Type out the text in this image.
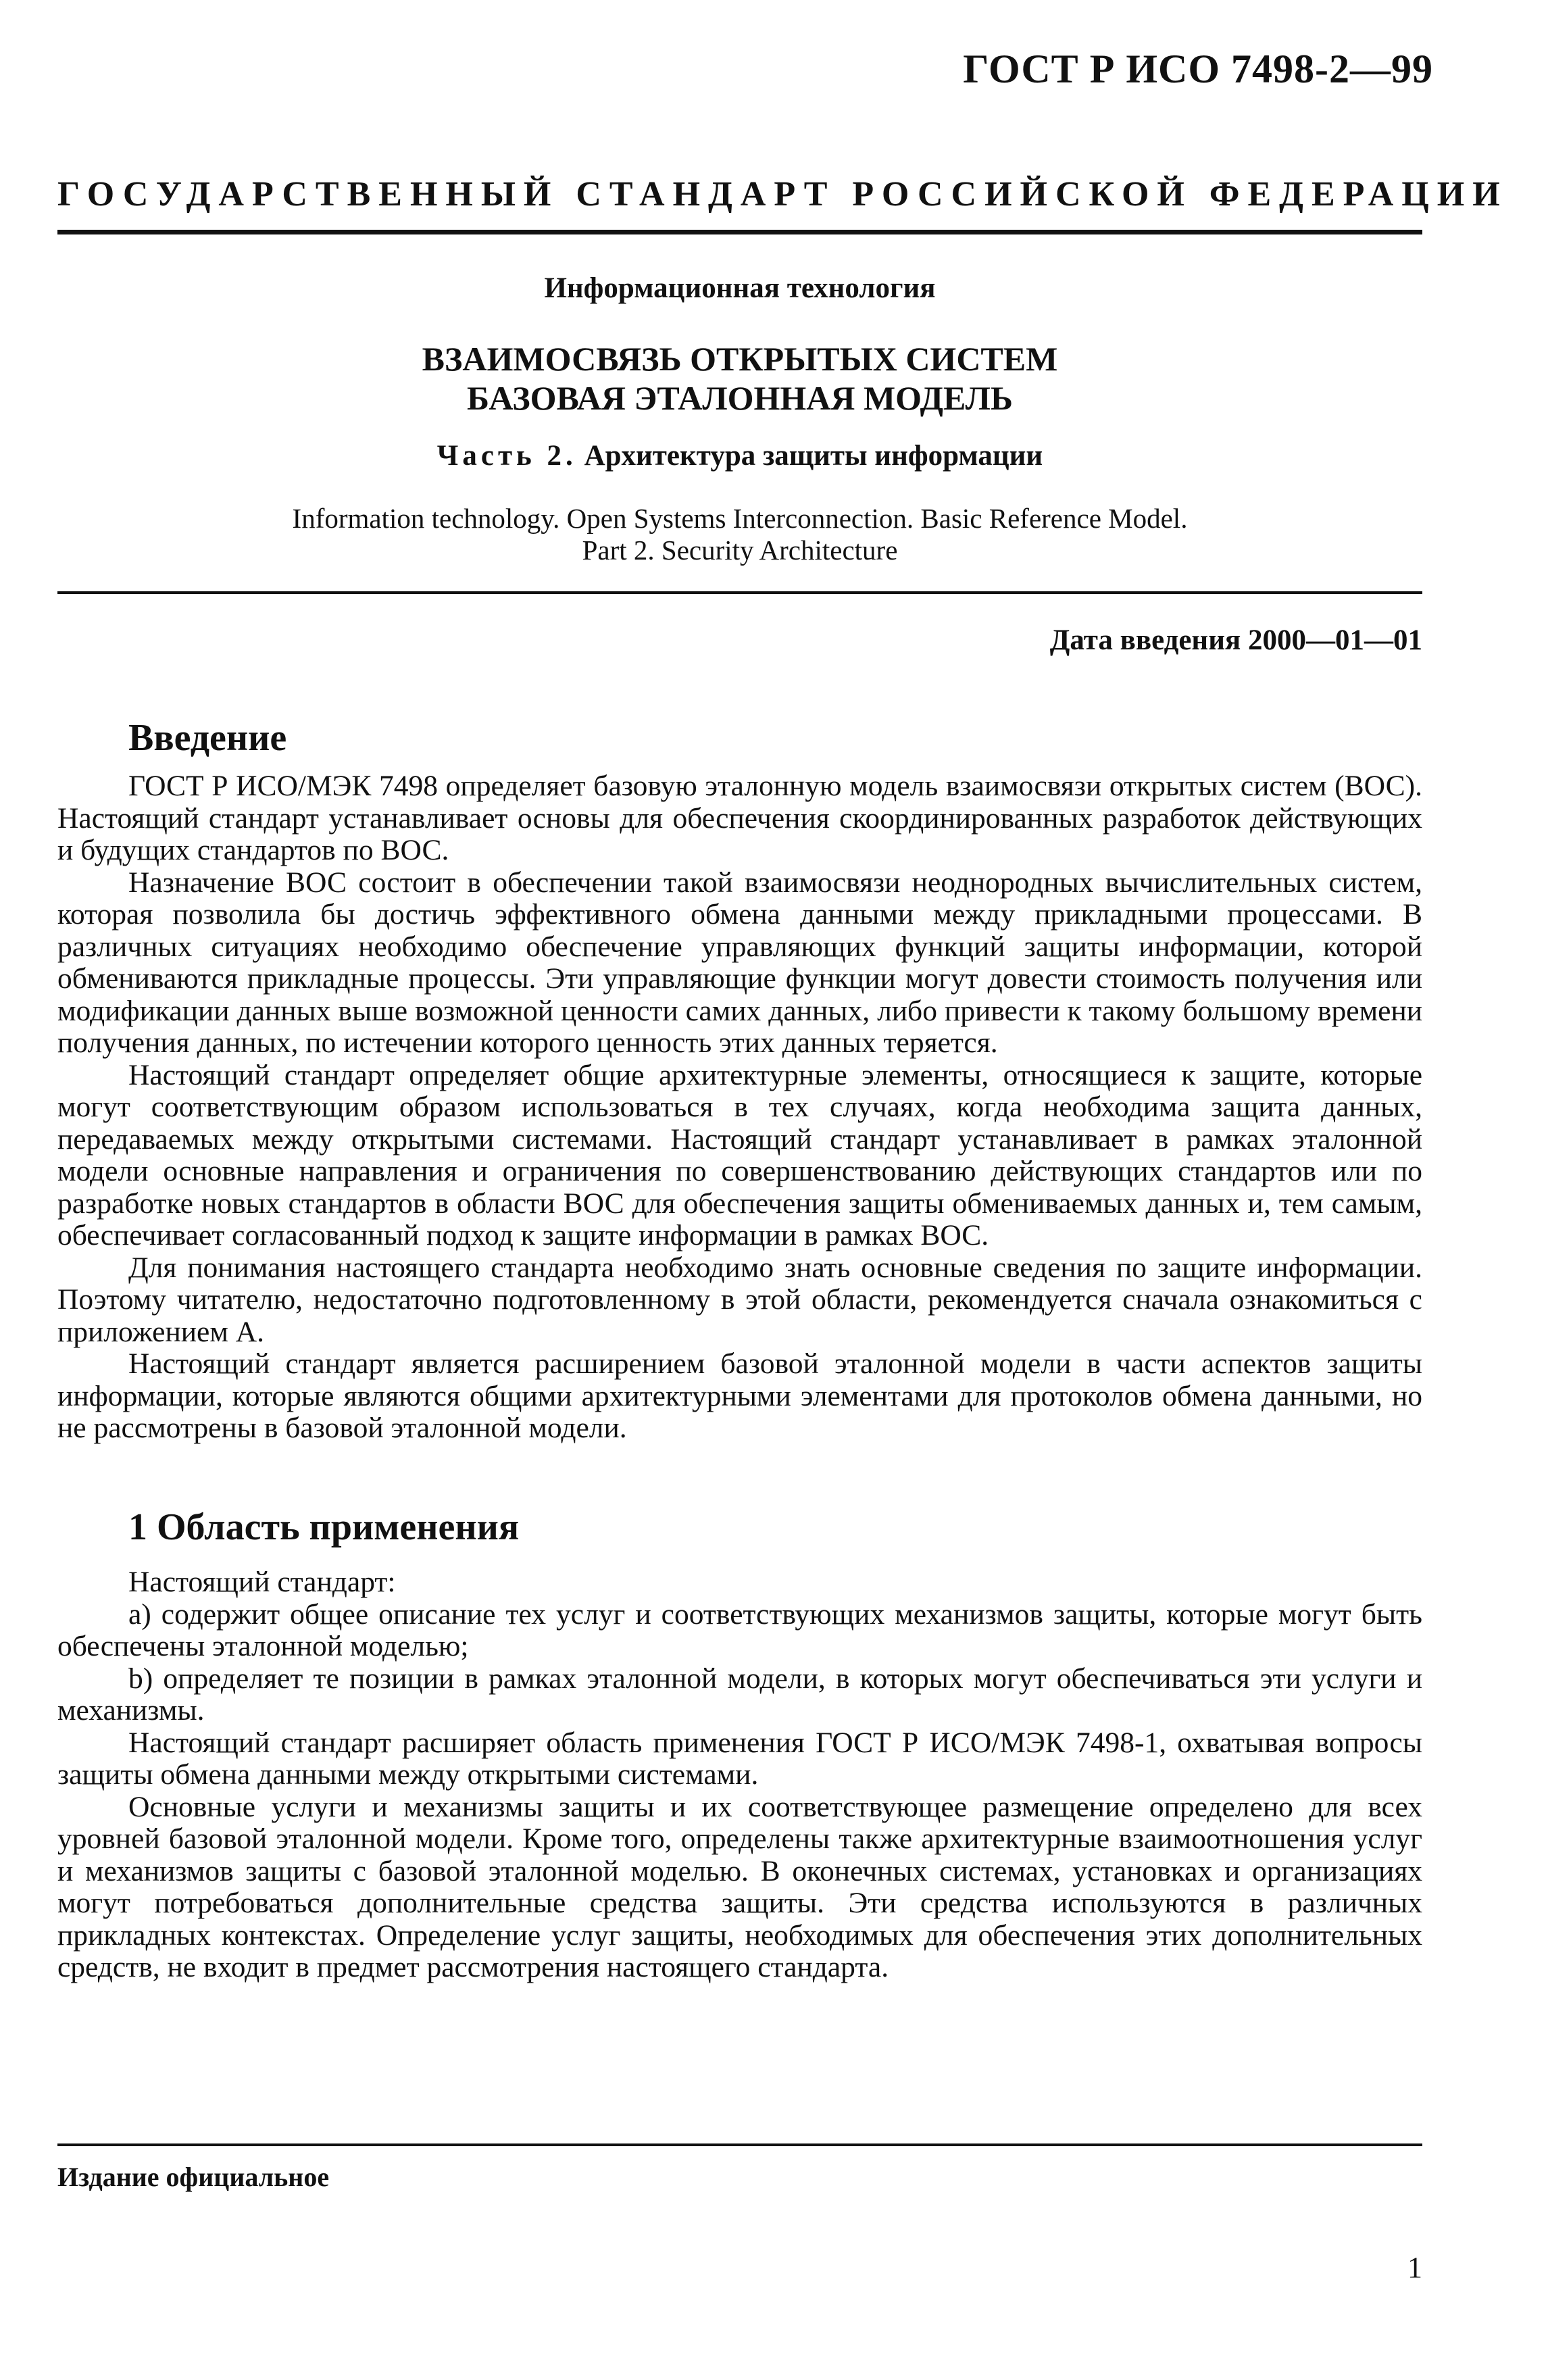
ГОСТ Р ИСО 7498-2—99
ГОСУДАРСТВЕННЫЙ СТАНДАРТ РОССИЙСКОЙ ФЕДЕРАЦИИ
Информационная технология
ВЗАИМОСВЯЗЬ ОТКРЫТЫХ СИСТЕМ
БАЗОВАЯ ЭТАЛОННАЯ МОДЕЛЬ
Часть 2. Архитектура защиты информации
Information technology. Open Systems Interconnection. Basic Reference Model.
Part 2. Security Architecture
Дата введения 2000—01—01
Введение

ГОСТ Р ИСО/МЭК 7498 определяет базовую эталонную модель взаимосвязи открытых систем (ВОС). Настоящий стандарт устанавливает основы для обеспечения скоординированных разработок действующих и будущих стандартов по ВОС.

Назначение ВОС состоит в обеспечении такой взаимосвязи неоднородных вычислительных систем, которая позволила бы достичь эффективного обмена данными между прикладными процессами. В различных ситуациях необходимо обеспечение управляющих функций защиты информации, которой обмениваются прикладные процессы. Эти управляющие функции могут довести стоимость получения или модификации данных выше возможной ценности самих данных, либо привести к такому большому времени получения данных, по истечении которого ценность этих данных теряется.

Настоящий стандарт определяет общие архитектурные элементы, относящиеся к защите, которые могут соответствующим образом использоваться в тех случаях, когда необходима защита данных, передаваемых между открытыми системами. Настоящий стандарт устанавливает в рамках эталонной модели основные направления и ограничения по совершенствованию действующих стандартов или по разработке новых стандартов в области ВОС для обеспечения защиты обмениваемых данных и, тем самым, обеспечивает согласованный подход к защите информации в рамках ВОС.

Для понимания настоящего стандарта необходимо знать основные сведения по защите информации. Поэтому читателю, недостаточно подготовленному в этой области, рекомендуется сначала ознакомиться с приложением А.

Настоящий стандарт является расширением базовой эталонной модели в части аспектов защиты информации, которые являются общими архитектурными элементами для протоколов обмена данными, но не рассмотрены в базовой эталонной модели.

1 Область применения

Настоящий стандарт:

а) содержит общее описание тех услуг и соответствующих механизмов защиты, которые могут быть обеспечены эталонной моделью;

b) определяет те позиции в рамках эталонной модели, в которых могут обеспечиваться эти услуги и механизмы.

Настоящий стандарт расширяет область применения ГОСТ Р ИСО/МЭК 7498-1, охватывая вопросы защиты обмена данными между открытыми системами.

Основные услуги и механизмы защиты и их соответствующее размещение определено для всех уровней базовой эталонной модели. Кроме того, определены также архитектурные взаимоотношения услуг и механизмов защиты с базовой эталонной моделью. В оконечных системах, установках и организациях могут потребоваться дополнительные средства защиты. Эти средства используются в различных прикладных контекстах. Определение услуг защиты, необходимых для обеспечения этих дополнительных средств, не входит в предмет рассмотрения настоящего стандарта.

Издание официальное
1
